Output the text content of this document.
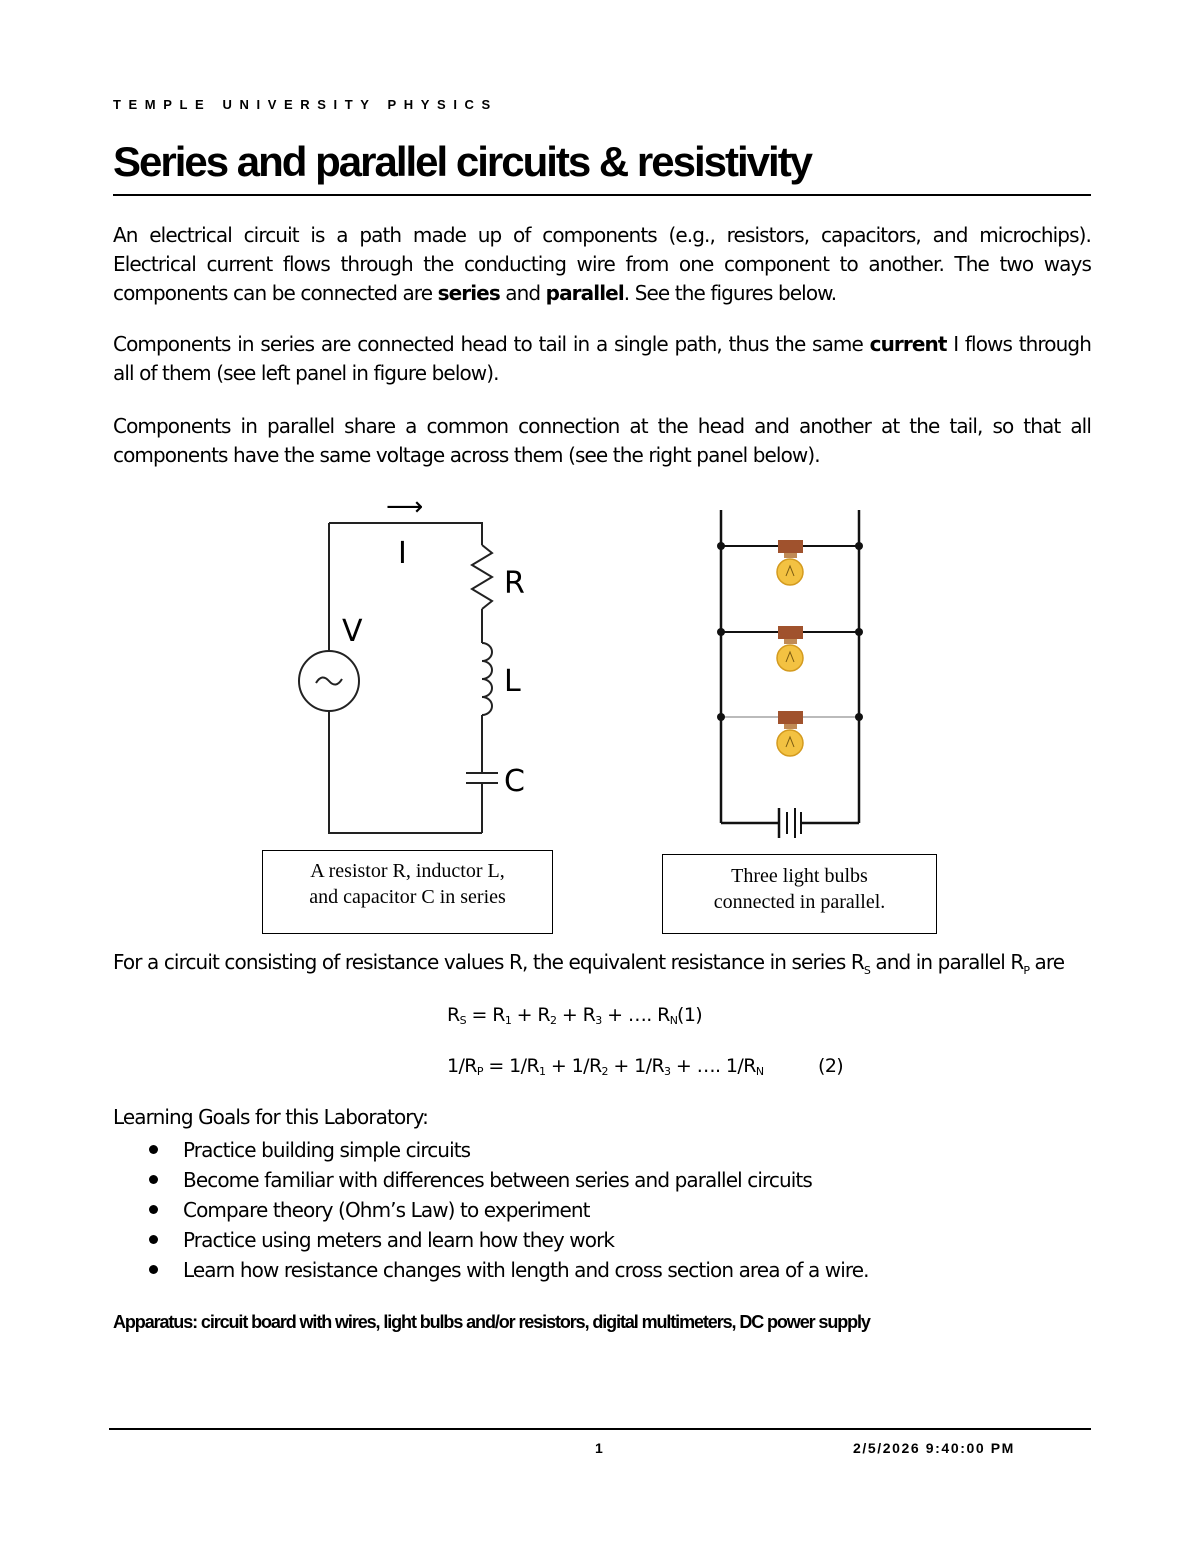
TEMPLE UNIVERSITY PHYSICS
Series and parallel circuits & resistivity

An electrical circuit is a path made up of components (e.g., resistors, capacitors, and microchips). Electrical current flows through the conducting wire from one component to another. The two ways components can be connected are series and parallel. See the figures below.

Components in series are connected head to tail in a single path, thus the same current I flows through all of them (see left panel in figure below).

Components in parallel share a common connection at the head and another at the tail, so that all components have the same voltage across them (see the right panel below).

⟶
I
V
R
L
C
A resistor R, inductor L,
and capacitor C in series
Three light bulbs
connected in parallel.

For a circuit consisting of resistance values R, the equivalent resistance in series $R_S$ and in parallel $R_P$ are

$R_S = R_1 + R_2 + R_3$ + …. $R_N$ (1)
$1/R_P = 1/R_1 + 1/R_2 + 1/R_3$ + …. $1/R_N$	(2)
Learning Goals for this Laboratory:
Practice building simple circuits
Become familiar with differences between series and parallel circuits
Compare theory (Ohm’s Law) to experiment
Practice using meters and learn how they work
Learn how resistance changes with length and cross section area of a wire.
Apparatus: circuit board with wires, light bulbs and/or resistors, digital multimeters, DC power supply
1	2/5/2026 9:40:00 PM
